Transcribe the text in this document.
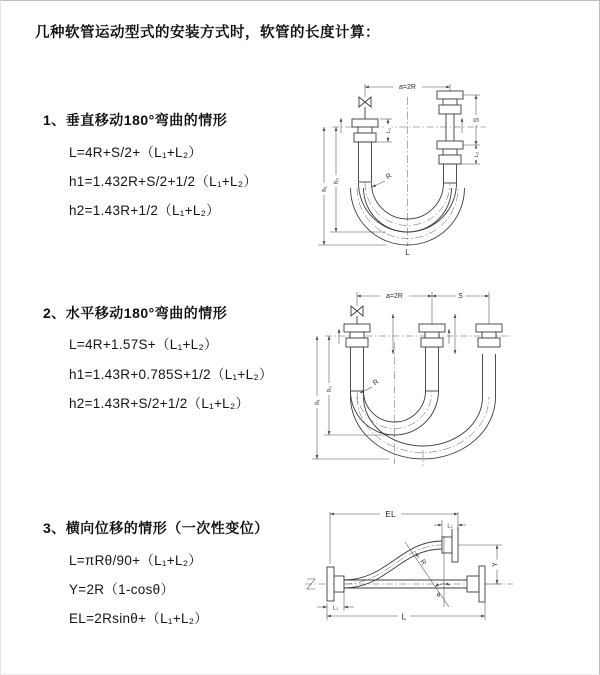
几种软管运动型式的安装方式时，软管的长度计算：
1、垂直移动180°弯曲的情形
L=4R+S/2+（L₁+L₂）
h1=1.432R+S/2+1/2（L₁+L₂）
h2=1.43R+1/2（L₁+L₂）
2、水平移动180°弯曲的情形
L=4R+1.57S+（L₁+L₂）
h1=1.43R+0.785S+1/2（L₁+L₂）
h2=1.43R+S/2+1/2（L₁+L₂）
3、横向位移的情形（一次性变位）
L=πRθ/90+（L₁+L₂）
Y=2R（1-cosθ）
EL=2Rsinθ+（L₁+L₂）
a=2R
S
L₂
L₁
h₁
h₂	R
L
a=2R	S
h₁
h₂
R
θ
R
EL
L₂
L₁
L
Y
